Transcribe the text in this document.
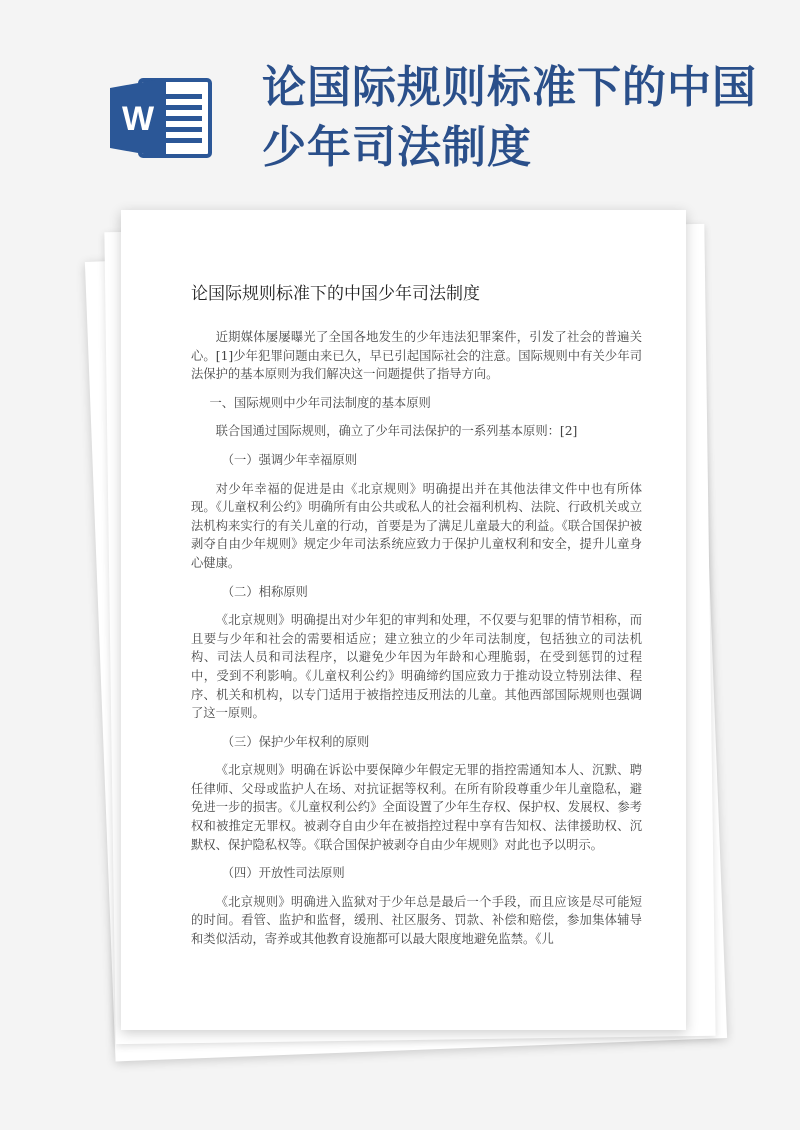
W
论国际规则标准下的中国少年司法制度
论国际规则标准下的中国少年司法制度

近期媒体屡屡曝光了全国各地发生的少年违法犯罪案件，引发了社会的普遍关心。[1]少年犯罪问题由来已久，早已引起国际社会的注意。国际规则中有关少年司法保护的基本原则为我们解决这一问题提供了指导方向。

一、国际规则中少年司法制度的基本原则

联合国通过国际规则，确立了少年司法保护的一系列基本原则：[2]

（一）强调少年幸福原则

对少年幸福的促进是由《北京规则》明确提出并在其他法律文件中也有所体现。《儿童权利公约》明确所有由公共或私人的社会福利机构、法院、行政机关或立法机构来实行的有关儿童的行动，首要是为了满足儿童最大的利益。《联合国保护被剥夺自由少年规则》规定少年司法系统应致力于保护儿童权利和安全，提升儿童身心健康。

（二）相称原则

《北京规则》明确提出对少年犯的审判和处理，不仅要与犯罪的情节相称，而且要与少年和社会的需要相适应；建立独立的少年司法制度，包括独立的司法机构、司法人员和司法程序，以避免少年因为年龄和心理脆弱，在受到惩罚的过程中，受到不利影响。《儿童权利公约》明确缔约国应致力于推动设立特别法律、程序、机关和机构，以专门适用于被指控违反刑法的儿童。其他西部国际规则也强调了这一原则。

（三）保护少年权利的原则

《北京规则》明确在诉讼中要保障少年假定无罪的指控需通知本人、沉默、聘任律师、父母或监护人在场、对抗证据等权利。在所有阶段尊重少年儿童隐私，避免进一步的损害。《儿童权利公约》全面设置了少年生存权、保护权、发展权、参考权和被推定无罪权。被剥夺自由少年在被指控过程中享有告知权、法律援助权、沉默权、保护隐私权等。《联合国保护被剥夺自由少年规则》对此也予以明示。

（四）开放性司法原则

《北京规则》明确进入监狱对于少年总是最后一个手段，而且应该是尽可能短的时间。看管、监护和监督，缓刑、社区服务、罚款、补偿和赔偿，参加集体辅导和类似活动，寄养或其他教育设施都可以最大限度地避免监禁。《儿
